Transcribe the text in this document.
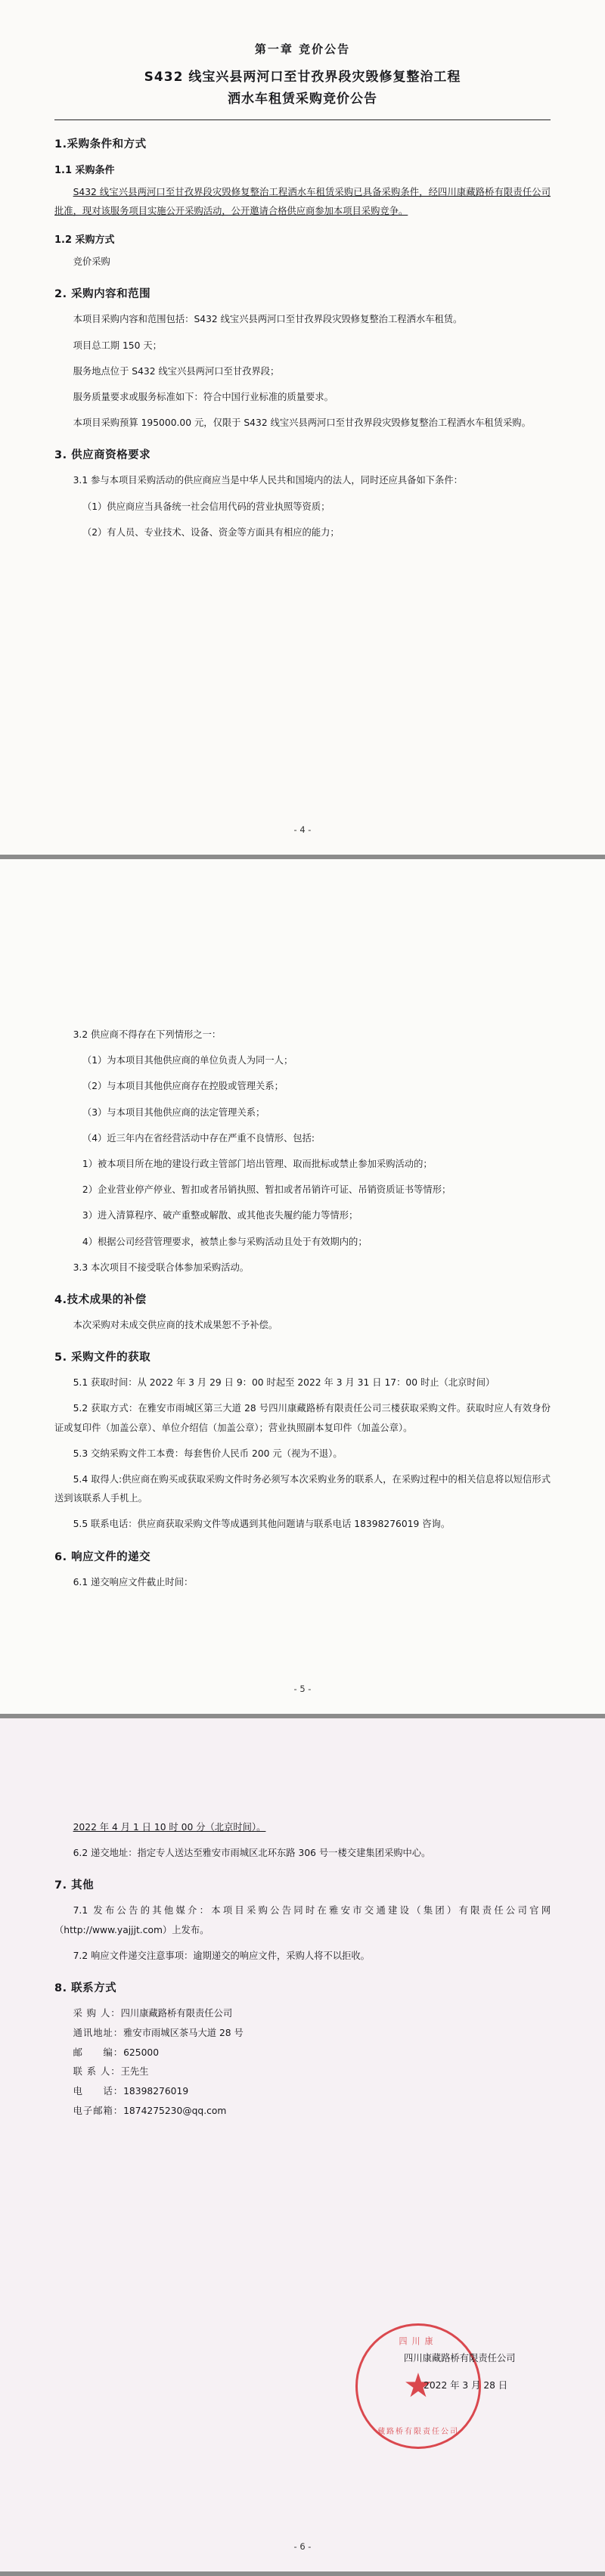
第一章 竞价公告
S432 线宝兴县两河口至甘孜界段灾毁修复整治工程
洒水车租赁采购竞价公告
1.采购条件和方式
1.1 采购条件

S432 线宝兴县两河口至甘孜界段灾毁修复整治工程洒水车租赁采购已具备采购条件，经四川康藏路桥有限责任公司批准，现对该服务项目实施公开采购活动，公开邀请合格供应商参加本项目采购竞争。

1.2 采购方式

竞价采购

2. 采购内容和范围

本项目采购内容和范围包括：S432 线宝兴县两河口至甘孜界段灾毁修复整治工程洒水车租赁。

项目总工期 150 天；

服务地点位于 S432 线宝兴县两河口至甘孜界段；

服务质量要求或服务标准如下：符合中国行业标准的质量要求。

本项目采购预算 195000.00 元，仅限于 S432 线宝兴县两河口至甘孜界段灾毁修复整治工程洒水车租赁采购。

3. 供应商资格要求

3.1 参与本项目采购活动的供应商应当是中华人民共和国境内的法人，同时还应具备如下条件：

（1）供应商应当具备统一社会信用代码的营业执照等资质；

（2）有人员、专业技术、设备、资金等方面具有相应的能力；

- 4 -

3.2 供应商不得存在下列情形之一：

（1）为本项目其他供应商的单位负责人为同一人；

（2）与本项目其他供应商存在控股或管理关系；

（3）与本项目其他供应商的法定管理关系；

（4）近三年内在省经营活动中存在严重不良情形、包括:

1）被本项目所在地的建设行政主管部门培出管理、取而批标或禁止参加采购活动的；

2）企业营业停产停业、暂扣或者吊销执照、暂扣或者吊销许可证、吊销资质证书等情形；

3）进入清算程序、破产重整或解散、或其他丧失履约能力等情形；

4）根据公司经营管理要求，被禁止参与采购活动且处于有效期内的；

3.3 本次项目不接受联合体参加采购活动。

4.技术成果的补偿

本次采购对未成交供应商的技术成果恕不予补偿。

5. 采购文件的获取

5.1 获取时间：从 2022 年 3 月 29 日 9：00 时起至 2022 年 3 月 31 日 17：00 时止（北京时间）

5.2 获取方式：在雅安市雨城区第三大道 28 号四川康藏路桥有限责任公司三楼获取采购文件。获取时应人有效身份证或复印件（加盖公章）、单位介绍信（加盖公章）；营业执照副本复印件（加盖公章）。

5.3 交纳采购文件工本费：每套售价人民币 200 元（视为不退）。

5.4 取得人:供应商在购买或获取采购文件时务必须写本次采购业务的联系人，在采购过程中的相关信息将以短信形式送到该联系人手机上。

5.5 联系电话：供应商获取采购文件等成遇到其他问题请与联系电话 18398276019 咨询。

6. 响应文件的递交

6.1 递交响应文件截止时间：

- 5 -

2022 年 4 月 1 日 10 时 00 分（北京时间）。

6.2 递交地址：指定专人送达至雅安市雨城区北环东路 306 号一楼交建集团采购中心。

7. 其他

7.1 发布公告的其他媒介：本项目采购公告同时在雅安市交通建设（集团）有限责任公司官网（http://www.yajjjt.com）上发布。

7.2 响应文件递交注意事项：逾期递交的响应文件，采购人将不以拒收。

8. 联系方式

采 购 人：四川康藏路桥有限责任公司

通讯地址：雅安市雨城区茶马大道 28 号

邮　　编：625000

联 系 人：王先生

电　　话：18398276019

电子邮箱：1874275230@qq.com

四川康
★
藏路桥有限责任公司
四川康藏路桥有限责任公司
2022 年 3 月 28 日
- 6 -
